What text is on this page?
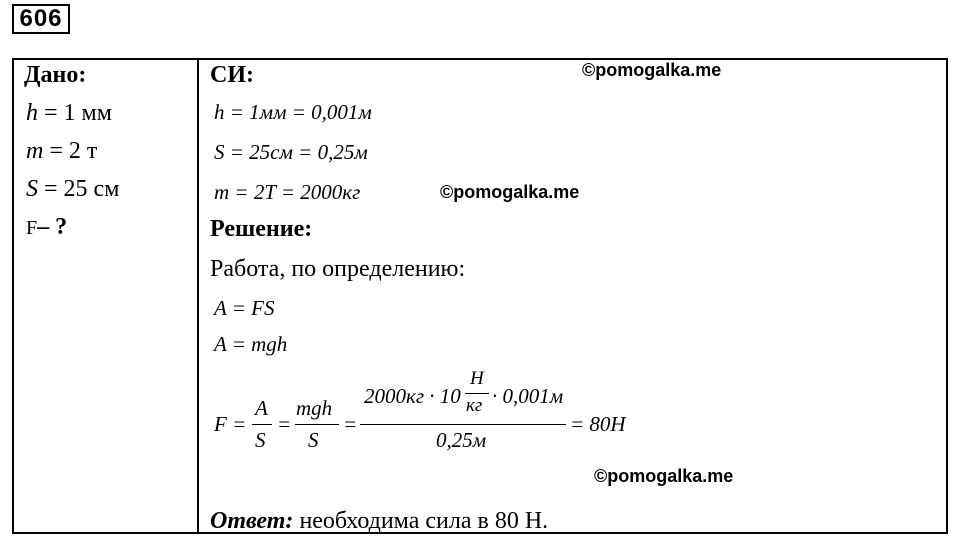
606
Дано:
h = 1 мм
m = 2 т
S = 25 см
F– ?
СИ:	©pomogalka.me
h = 1мм = 0,001м
S = 25см = 0,25м
m = 2T = 2000кг	©pomogalka.me
Решение:
Работа, по определению:
A = FS
A = mgh
F =
A
S
=
mgh
S
=
2000кг · 10
H
кг · 0,001м
0,25м
= 80H
©pomogalka.me
Ответ: необходима сила в 80 Н.
